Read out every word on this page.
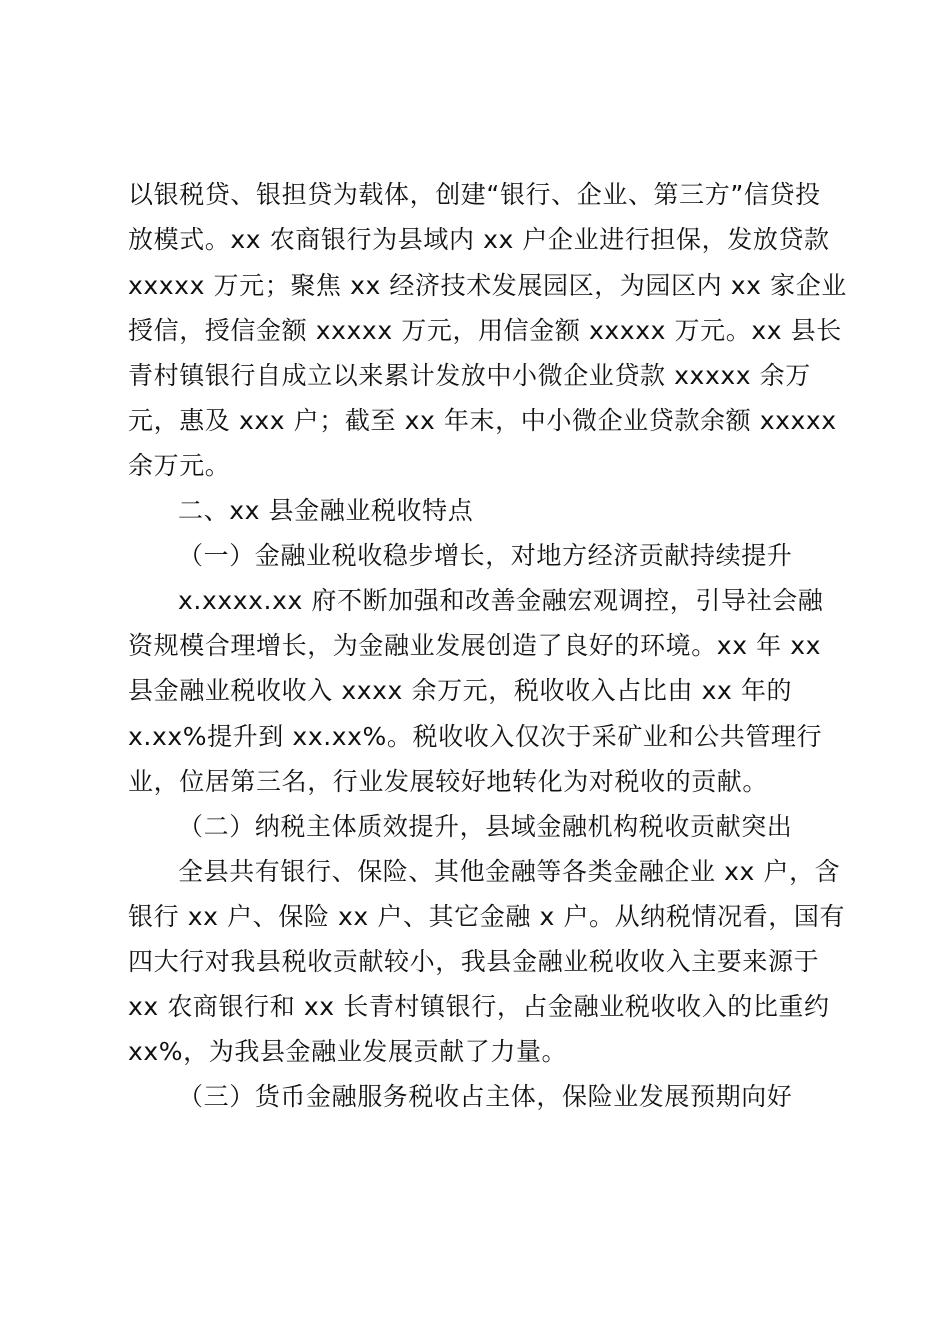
以银税贷、银担贷为载体，创建“银行、企业、第三方”信贷投
放模式。xx 农商银行为县域内 xx 户企业进行担保，发放贷款
xxxxx 万元；聚焦 xx 经济技术发展园区，为园区内 xx 家企业
授信，授信金额 xxxxx 万元，用信金额 xxxxx 万元。xx 县长
青村镇银行自成立以来累计发放中小微企业贷款 xxxxx 余万
元，惠及 xxx 户；截至 xx 年末，中小微企业贷款余额 xxxxx
余万元。
二、xx 县金融业税收特点
（一）金融业税收稳步增长，对地方经济贡献持续提升
x.xxxx.xx 府不断加强和改善金融宏观调控，引导社会融
资规模合理增长，为金融业发展创造了良好的环境。xx 年 xx
县金融业税收收入 xxxx 余万元，税收收入占比由 xx 年的
x.xx%提升到 xx.xx%。税收收入仅次于采矿业和公共管理行
业，位居第三名，行业发展较好地转化为对税收的贡献。
（二）纳税主体质效提升，县域金融机构税收贡献突出
全县共有银行、保险、其他金融等各类金融企业 xx 户，含
银行 xx 户、保险 xx 户、其它金融 x 户。从纳税情况看，国有
四大行对我县税收贡献较小，我县金融业税收收入主要来源于
xx 农商银行和 xx 长青村镇银行，占金融业税收收入的比重约
xx%，为我县金融业发展贡献了力量。
（三）货币金融服务税收占主体，保险业发展预期向好
